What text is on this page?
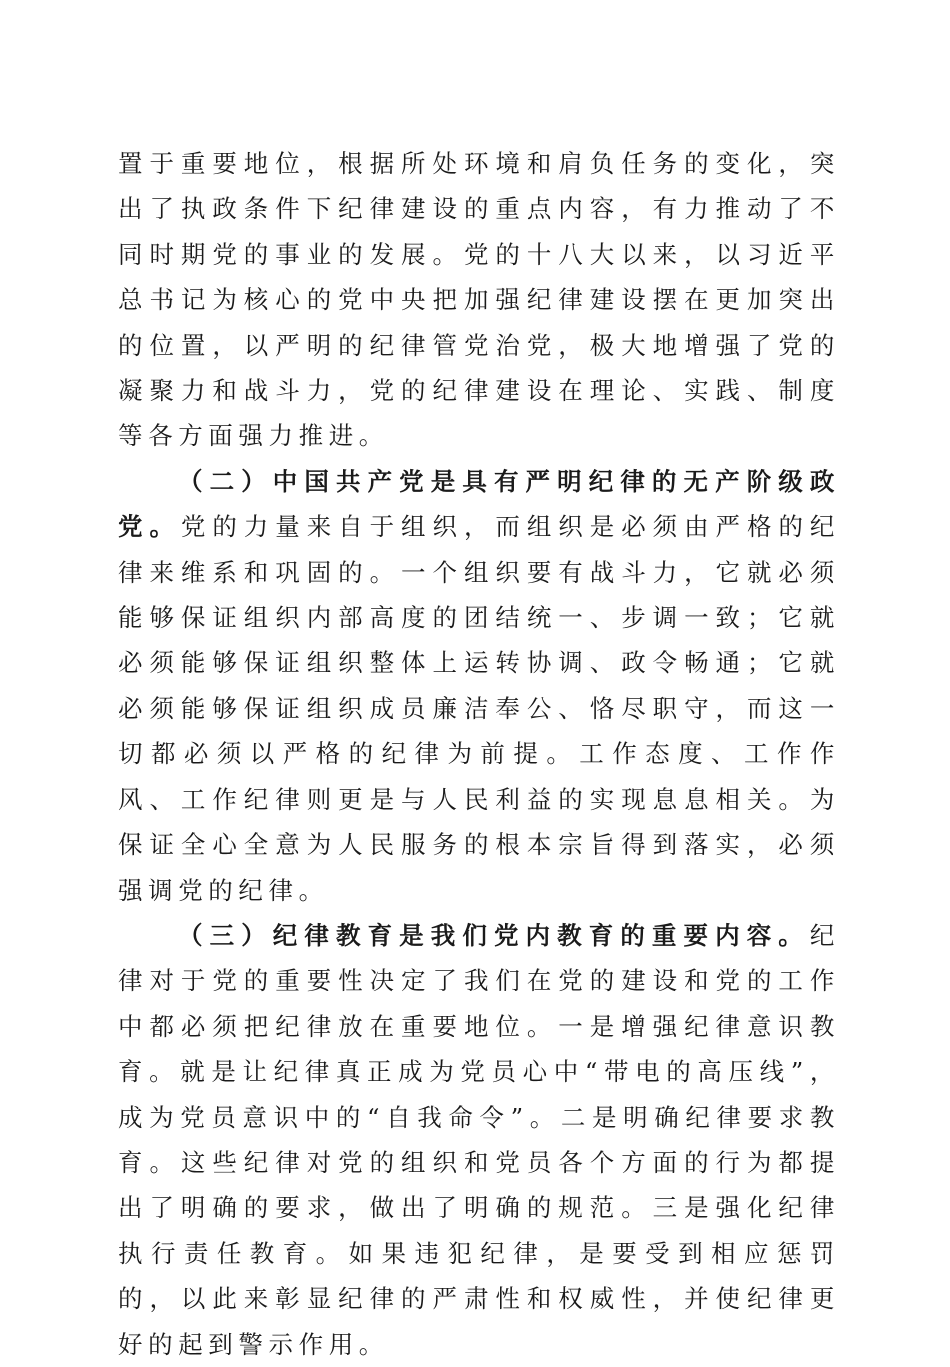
置于重要地位，根据所处环境和肩负任务的变化，突出了执政条件下纪律建设的重点内容，有力推动了不同时期党的事业的发展。党的十八大以来，以习近平总书记为核心的党中央把加强纪律建设摆在更加突出的位置，以严明的纪律管党治党，极大地增强了党的凝聚力和战斗力，党的纪律建设在理论、实践、制度等各方面强力推进。

（二）中国共产党是具有严明纪律的无产阶级政党。党的力量来自于组织，而组织是必须由严格的纪律来维系和巩固的。一个组织要有战斗力，它就必须能够保证组织内部高度的团结统一、步调一致；它就必须能够保证组织整体上运转协调、政令畅通；它就必须能够保证组织成员廉洁奉公、恪尽职守，而这一切都必须以严格的纪律为前提。工作态度、工作作风、工作纪律则更是与人民利益的实现息息相关。为保证全心全意为人民服务的根本宗旨得到落实，必须强调党的纪律。

（三）纪律教育是我们党内教育的重要内容。纪律对于党的重要性决定了我们在党的建设和党的工作中都必须把纪律放在重要地位。一是增强纪律意识教育。就是让纪律真正成为党员心中“带电的高压线”，成为党员意识中的“自我命令”。二是明确纪律要求教育。这些纪律对党的组织和党员各个方面的行为都提出了明确的要求，做出了明确的规范。三是强化纪律执行责任教育。如果违犯纪律，是要受到相应惩罚的，以此来彰显纪律的严肃性和权威性，并使纪律更好的起到警示作用。
